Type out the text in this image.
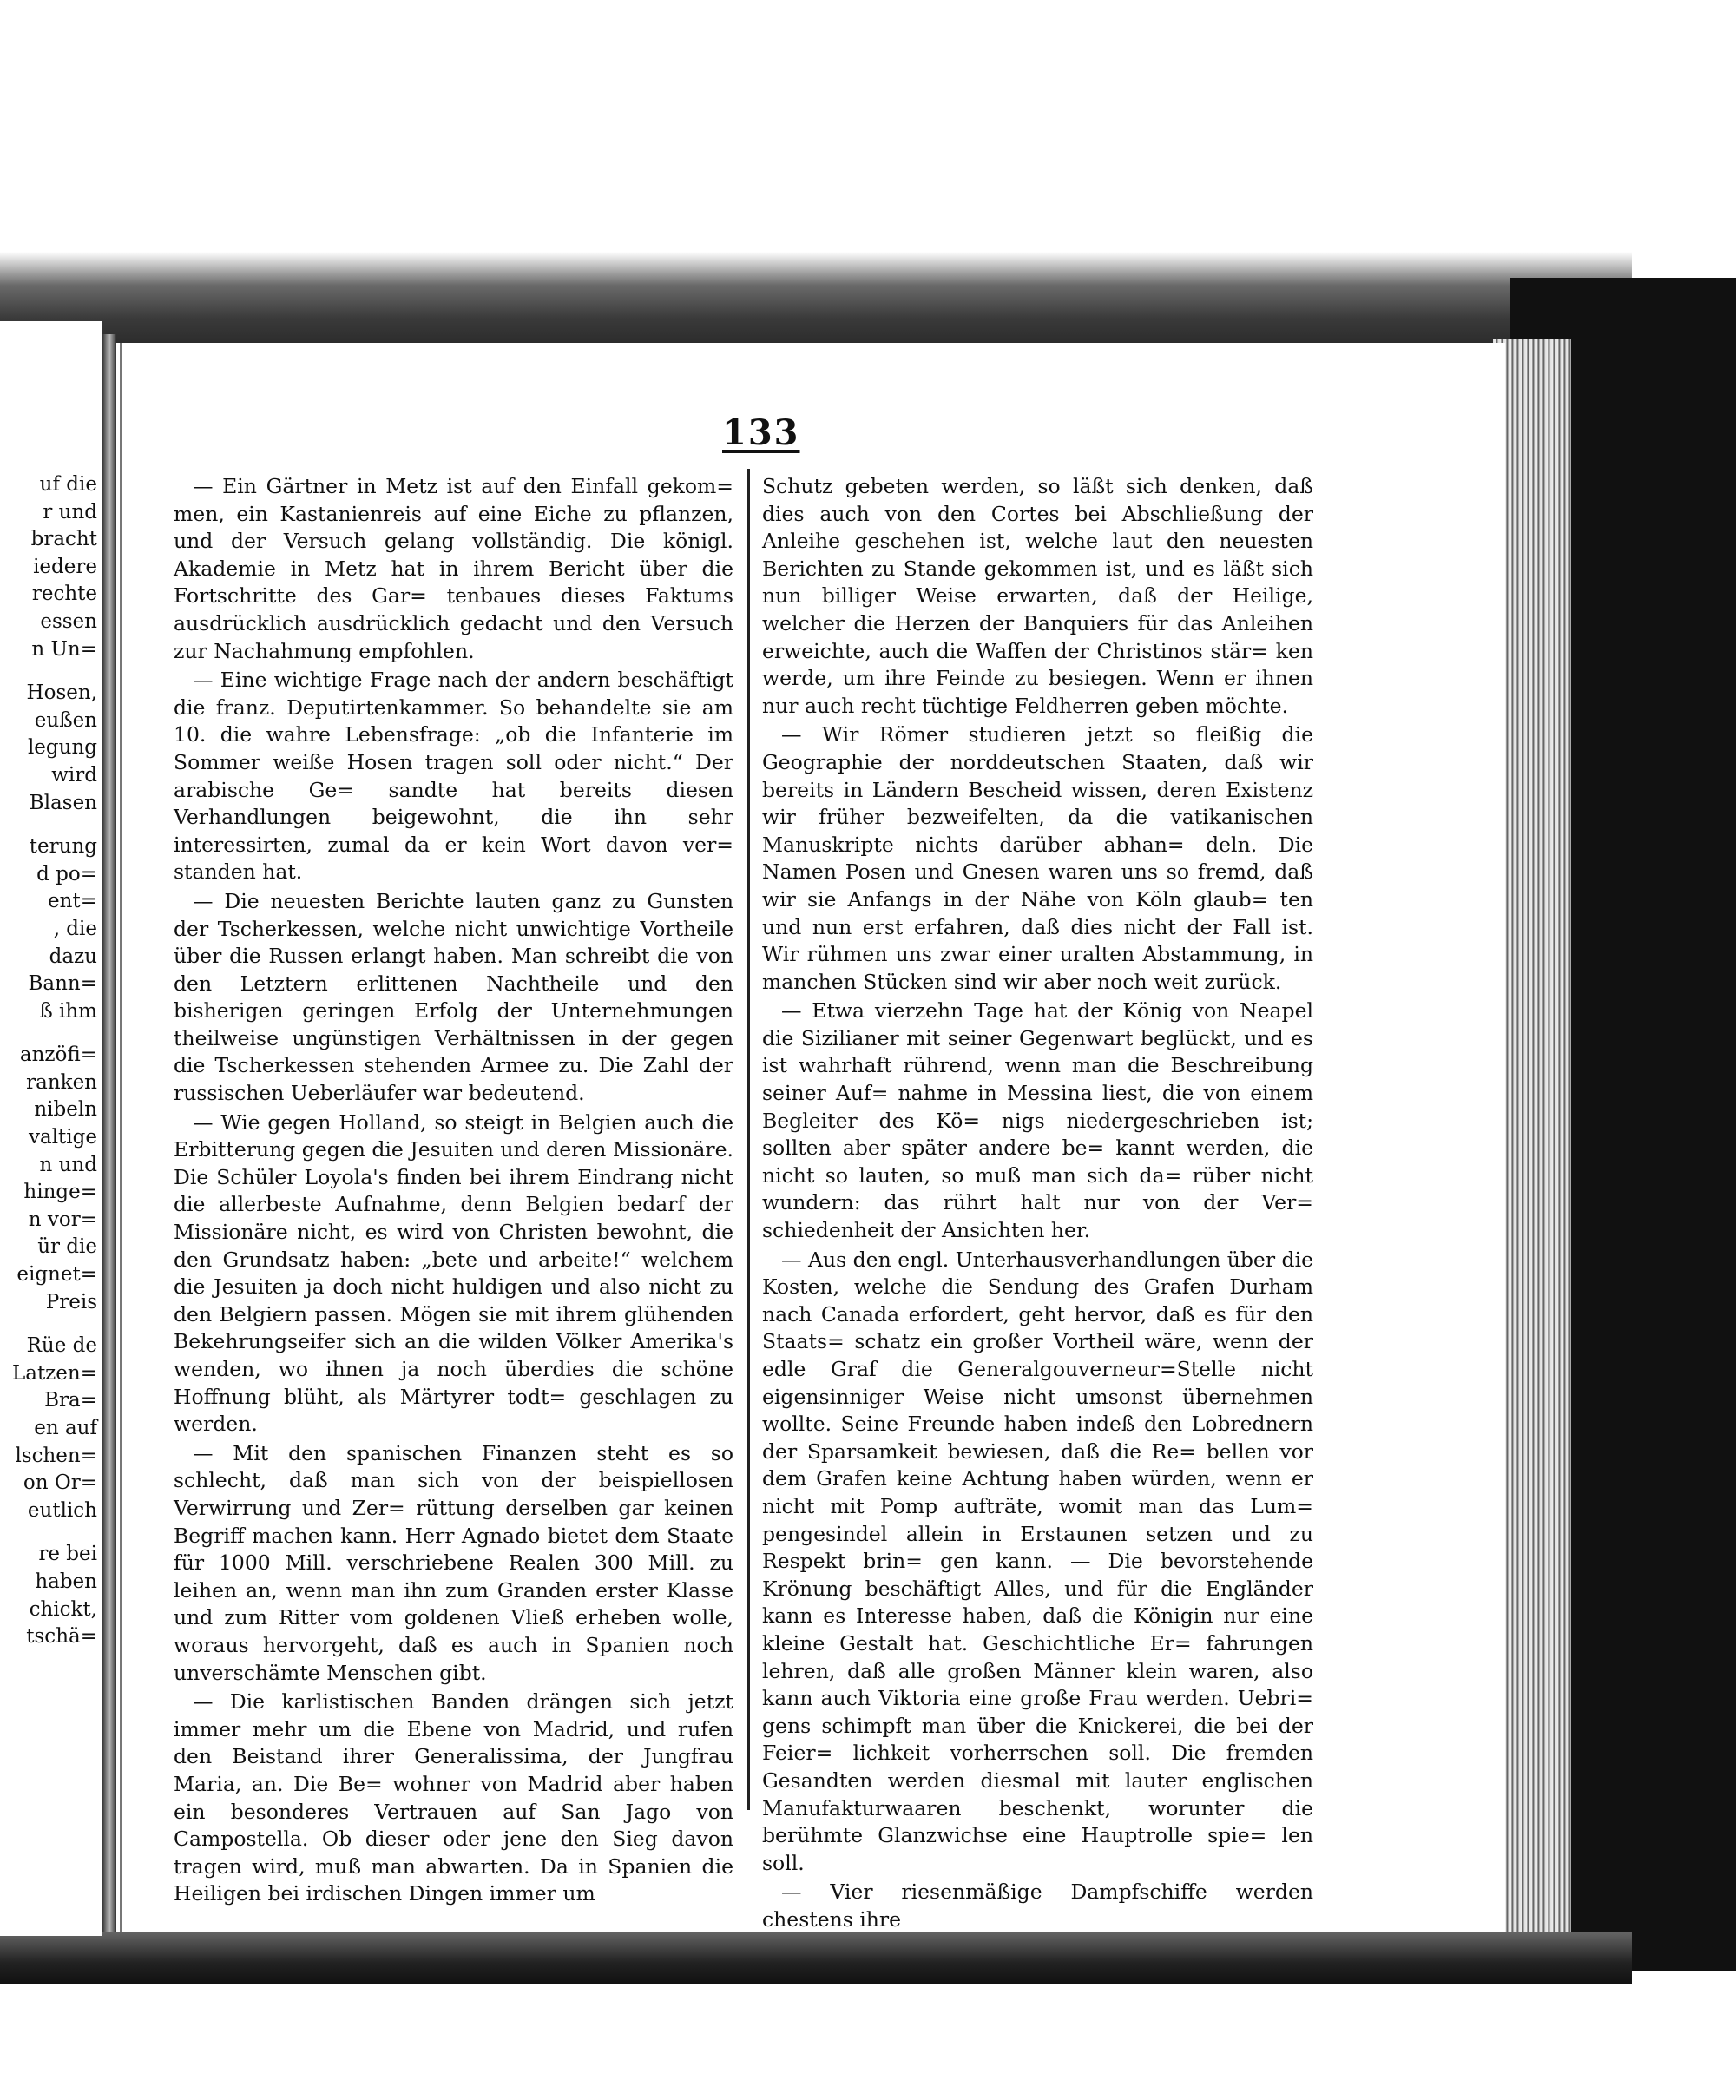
uf die
r und
bracht
iedere
rechte
essen
n Un=
Hosen,
eußen
legung
wird
Blasen
terung
d po=
ent=
, die
dazu
Bann=
ß ihm
anzöfi=
ranken
nibeln
valtige
n und
hinge=
n vor=
ür die
eignet=
Preis
Rüe de
Latzen=
Bra=
en auf
lschen=
on Or=
eutlich
re bei
haben
chickt,
tschä=
133

— Ein Gärtner in Metz ist auf den Einfall gekom= men, ein Kastanienreis auf eine Eiche zu pflanzen, und der Versuch gelang vollständig. Die königl. Akademie in Metz hat in ihrem Bericht über die Fortschritte des Gar= tenbaues dieses Faktums ausdrücklich ausdrücklich gedacht und den Versuch zur Nachahmung empfohlen.

— Eine wichtige Frage nach der andern beschäftigt die franz. Deputirtenkammer. So behandelte sie am 10. die wahre Lebensfrage: „ob die Infanterie im Sommer weiße Hosen tragen soll oder nicht.“ Der arabische Ge= sandte hat bereits diesen Verhandlungen beigewohnt, die ihn sehr interessirten, zumal da er kein Wort davon ver= standen hat.

— Die neuesten Berichte lauten ganz zu Gunsten der Tscherkessen, welche nicht unwichtige Vortheile über die Russen erlangt haben. Man schreibt die von den Letztern erlittenen Nachtheile und den bisherigen geringen Erfolg der Unternehmungen theilweise ungünstigen Verhältnissen in der gegen die Tscherkessen stehenden Armee zu. Die Zahl der russischen Ueberläufer war bedeutend.

— Wie gegen Holland, so steigt in Belgien auch die Erbitterung gegen die Jesuiten und deren Missionäre. Die Schüler Loyola's finden bei ihrem Eindrang nicht die allerbeste Aufnahme, denn Belgien bedarf der Missionäre nicht, es wird von Christen bewohnt, die den Grundsatz haben: „bete und arbeite!“ welchem die Jesuiten ja doch nicht huldigen und also nicht zu den Belgiern passen. Mögen sie mit ihrem glühenden Bekehrungseifer sich an die wilden Völker Amerika's wenden, wo ihnen ja noch überdies die schöne Hoffnung blüht, als Märtyrer todt= geschlagen zu werden.

— Mit den spanischen Finanzen steht es so schlecht, daß man sich von der beispiellosen Verwirrung und Zer= rüttung derselben gar keinen Begriff machen kann. Herr Agnado bietet dem Staate für 1000 Mill. verschriebene Realen 300 Mill. zu leihen an, wenn man ihn zum Granden erster Klasse und zum Ritter vom goldenen Vließ erheben wolle, woraus hervorgeht, daß es auch in Spanien noch unverschämte Menschen gibt.

— Die karlistischen Banden drängen sich jetzt immer mehr um die Ebene von Madrid, und rufen den Beistand ihrer Generalissima, der Jungfrau Maria, an. Die Be= wohner von Madrid aber haben ein besonderes Vertrauen auf San Jago von Campostella. Ob dieser oder jene den Sieg davon tragen wird, muß man abwarten. Da in Spanien die Heiligen bei irdischen Dingen immer um

Schutz gebeten werden, so läßt sich denken, daß dies auch von den Cortes bei Abschließung der Anleihe geschehen ist, welche laut den neuesten Berichten zu Stande gekommen ist, und es läßt sich nun billiger Weise erwarten, daß der Heilige, welcher die Herzen der Banquiers für das Anleihen erweichte, auch die Waffen der Christinos stär= ken werde, um ihre Feinde zu besiegen. Wenn er ihnen nur auch recht tüchtige Feldherren geben möchte.

— Wir Römer studieren jetzt so fleißig die Geographie der norddeutschen Staaten, daß wir bereits in Ländern Bescheid wissen, deren Existenz wir früher bezweifelten, da die vatikanischen Manuskripte nichts darüber abhan= deln. Die Namen Posen und Gnesen waren uns so fremd, daß wir sie Anfangs in der Nähe von Köln glaub= ten und nun erst erfahren, daß dies nicht der Fall ist. Wir rühmen uns zwar einer uralten Abstammung, in manchen Stücken sind wir aber noch weit zurück.

— Etwa vierzehn Tage hat der König von Neapel die Sizilianer mit seiner Gegenwart beglückt, und es ist wahrhaft rührend, wenn man die Beschreibung seiner Auf= nahme in Messina liest, die von einem Begleiter des Kö= nigs niedergeschrieben ist; sollten aber später andere be= kannt werden, die nicht so lauten, so muß man sich da= rüber nicht wundern: das rührt halt nur von der Ver= schiedenheit der Ansichten her.

— Aus den engl. Unterhausverhandlungen über die Kosten, welche die Sendung des Grafen Durham nach Canada erfordert, geht hervor, daß es für den Staats= schatz ein großer Vortheil wäre, wenn der edle Graf die Generalgouverneur=Stelle nicht eigensinniger Weise nicht umsonst übernehmen wollte. Seine Freunde haben indeß den Lobrednern der Sparsamkeit bewiesen, daß die Re= bellen vor dem Grafen keine Achtung haben würden, wenn er nicht mit Pomp aufträte, womit man das Lum= pengesindel allein in Erstaunen setzen und zu Respekt brin= gen kann. — Die bevorstehende Krönung beschäftigt Alles, und für die Engländer kann es Interesse haben, daß die Königin nur eine kleine Gestalt hat. Geschichtliche Er= fahrungen lehren, daß alle großen Männer klein waren, also kann auch Viktoria eine große Frau werden. Uebri= gens schimpft man über die Knickerei, die bei der Feier= lichkeit vorherrschen soll. Die fremden Gesandten werden diesmal mit lauter englischen Manufakturwaaren beschenkt, worunter die berühmte Glanzwichse eine Hauptrolle spie= len soll.

— Vier riesenmäßige Dampfschiffe werden chestens ihre
